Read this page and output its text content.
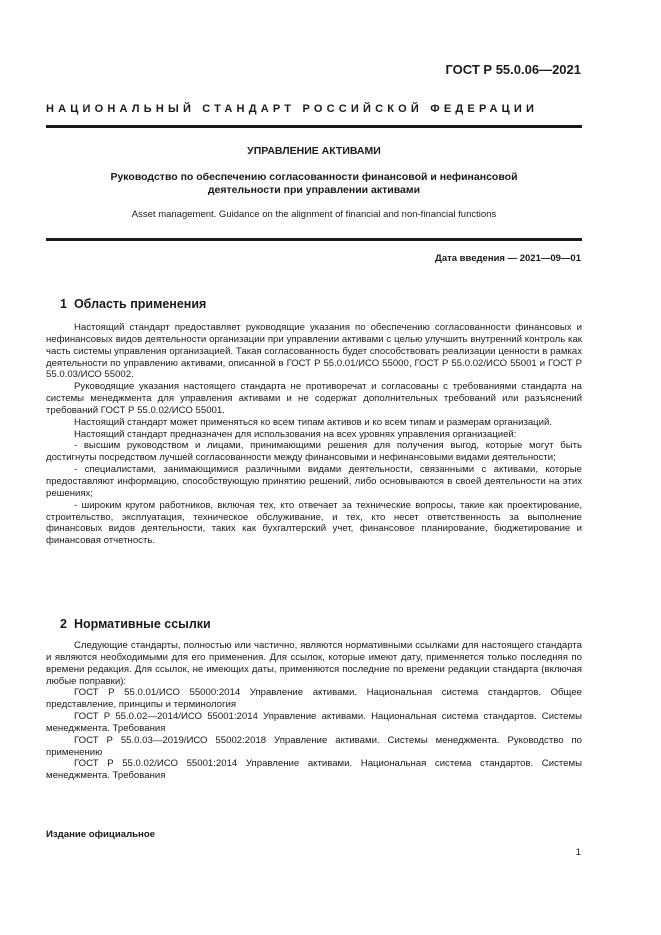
ГОСТ Р 55.0.06—2021
НАЦИОНАЛЬНЫЙ СТАНДАРТ РОССИЙСКОЙ ФЕДЕРАЦИИ
УПРАВЛЕНИЕ АКТИВАМИ
Руководство по обеспечению согласованности финансовой и нефинансовой
деятельности при управлении активами
Asset management. Guidance on the alignment of financial and non-financial functions
Дата введения — 2021—09—01
1 Область применения

Настоящий стандарт предоставляет руководящие указания по обеспечению согласованности финансовых и нефинансовых видов деятельности организации при управлении активами с целью улучшить внутренний контроль как часть системы управления организацией. Такая согласованность будет способствовать реализации ценности в рамках деятельности по управлению активами, описанной в ГОСТ Р 55.0.01/ИСО 55000, ГОСТ Р 55.0.02/ИСО 55001 и ГОСТ Р 55.0.03/ИСО 55002.

Руководящие указания настоящего стандарта не противоречат и согласованы с требованиями стандарта на системы менеджмента для управления активами и не содержат дополнительных требований или разъяснений требований ГОСТ Р 55.0.02/ИСО 55001.

Настоящий стандарт может применяться ко всем типам активов и ко всем типам и размерам организаций.

Настоящий стандарт предназначен для использования на всех уровнях управления организацией:

- высшим руководством и лицами, принимающими решения для получения выгод, которые могут быть достигнуты посредством лучшей согласованности между финансовыми и нефинансовыми видами деятельности;

- специалистами, занимающимися различными видами деятельности, связанными с активами, которые предоставляют информацию, способствующую принятию решений, либо основываются в своей деятельности на этих решениях;

- широким кругом работников, включая тех, кто отвечает за технические вопросы, такие как проектирование, строительство, эксплуатация, техническое обслуживание, и тех, кто несет ответственность за выполнение финансовых видов деятельности, таких как бухгалтерский учет, финансовое планирование, бюджетирование и финансовая отчетность.

2 Нормативные ссылки

Следующие стандарты, полностью или частично, являются нормативными ссылками для настоящего стандарта и являются необходимыми для его применения. Для ссылок, которые имеют дату, применяется только последняя по времени редакция. Для ссылок, не имеющих даты, применяются последние по времени редакции стандарта (включая любые поправки):

ГОСТ Р 55.0.01/ИСО 55000:2014 Управление активами. Национальная система стандартов. Общее представление, принципы и терминология

ГОСТ Р 55.0.02—2014/ИСО 55001:2014 Управление активами. Национальная система стандартов. Системы менеджмента. Требования

ГОСТ Р 55.0.03—2019/ИСО 55002:2018 Управление активами. Системы менеджмента. Руководство по применению

ГОСТ Р 55.0.02/ИСО 55001:2014 Управление активами. Национальная система стандартов. Системы менеджмента. Требования

Издание официальное
1
